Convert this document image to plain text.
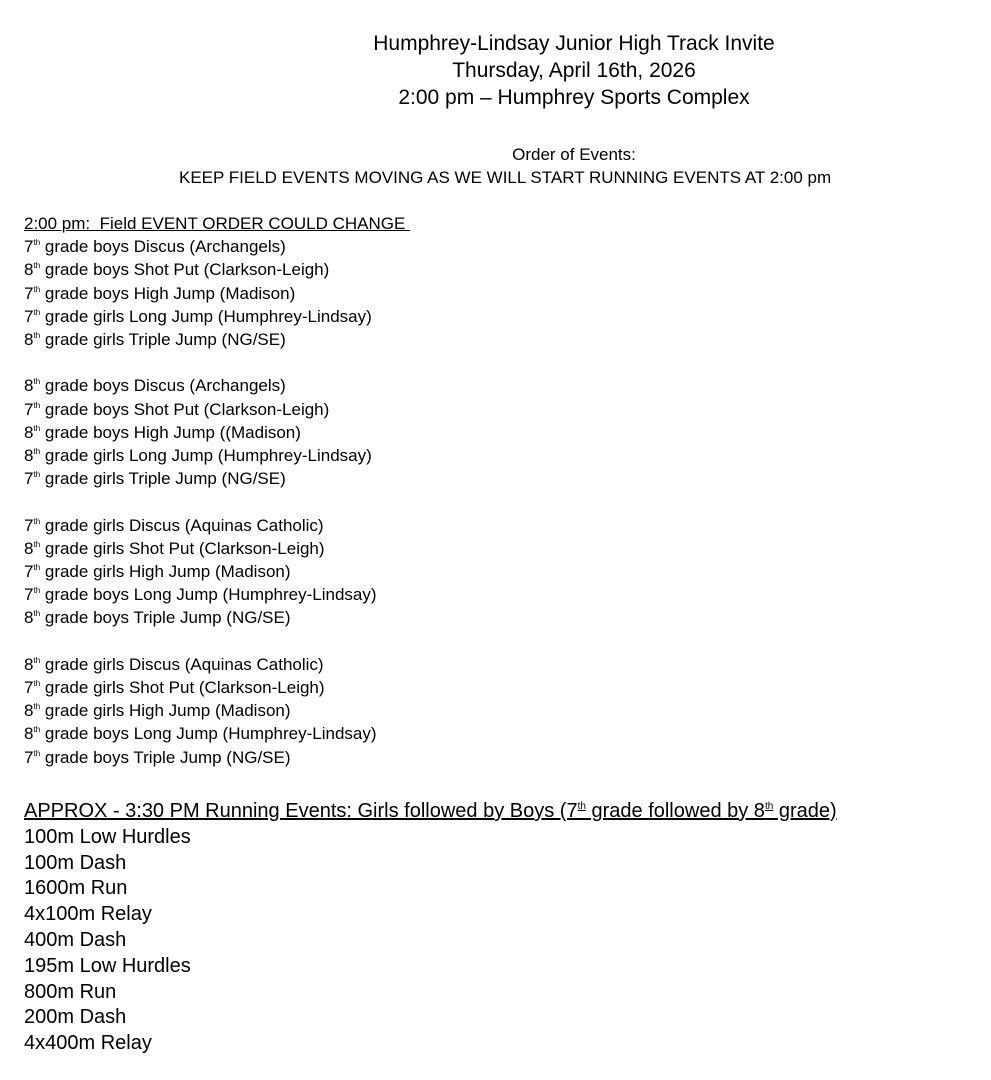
Humphrey-Lindsay Junior High Track Invite
Thursday, April 16th, 2026
2:00 pm – Humphrey Sports Complex
Order of Events:
KEEP FIELD EVENTS MOVING AS WE WILL START RUNNING EVENTS AT 2:00 pm
2:00 pm:  Field EVENT ORDER COULD CHANGE
7th grade boys Discus (Archangels)
8th grade boys Shot Put (Clarkson-Leigh)
7th grade boys High Jump (Madison)
7th grade girls Long Jump (Humphrey-Lindsay)
8th grade girls Triple Jump (NG/SE)
8th grade boys Discus (Archangels)
7th grade boys Shot Put (Clarkson-Leigh)
8th grade boys High Jump ((Madison)
8th grade girls Long Jump (Humphrey-Lindsay)
7th grade girls Triple Jump (NG/SE)
7th grade girls Discus (Aquinas Catholic)
8th grade girls Shot Put (Clarkson-Leigh)
7th grade girls High Jump (Madison)
7th grade boys Long Jump (Humphrey-Lindsay)
8th grade boys Triple Jump (NG/SE)
8th grade girls Discus (Aquinas Catholic)
7th grade girls Shot Put (Clarkson-Leigh)
8th grade girls High Jump (Madison)
8th grade boys Long Jump (Humphrey-Lindsay)
7th grade boys Triple Jump (NG/SE)
APPROX - 3:30 PM Running Events: Girls followed by Boys (7th grade followed by 8th grade)
100m Low Hurdles
100m Dash
1600m Run
4x100m Relay
400m Dash
195m Low Hurdles
800m Run
200m Dash
4x400m Relay
